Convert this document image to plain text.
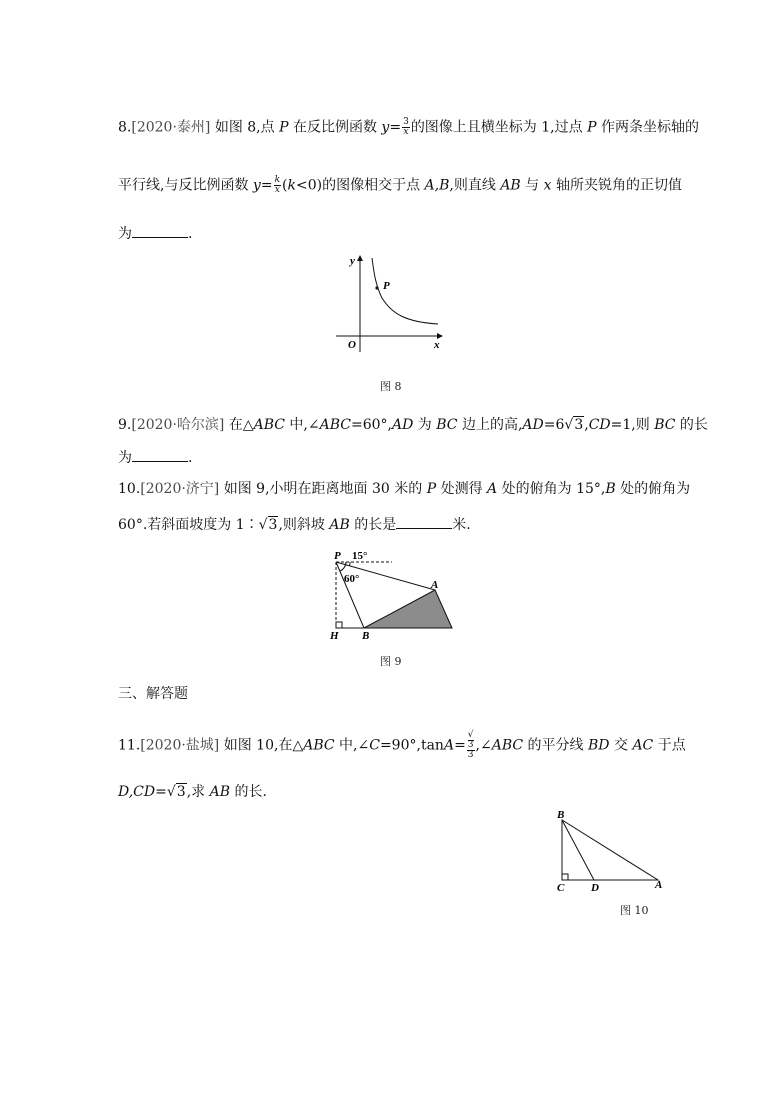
8.[2020·泰州] 如图 8,点 P 在反比例函数 $y= \frac{3}{x}$ 的图像上且横坐标为 1,过点 P 作两条坐标轴的
平行线,与反比例函数 $y= \frac{k}{x} (k<0)$的图像相交于点 A,B,则直线 AB 与 x 轴所夹锐角的正切值
为	.
y
P
O	x
图 8
9.[2020·哈尔滨] 在△ABC 中,∠ABC=60°,AD 为 BC 边上的高,AD=6√3,CD=1,则 BC 的长
为	.
10.[2020·济宁] 如图 9,小明在距离地面 30 米的 P 处测得 A 处的俯角为 15°,B 处的俯角为
60°.若斜面坡度为 1∶√3,则斜坡 AB 的长是	米.
P 15°
60°	A
H B
图 9
三、解答题
11.[2020·盐城] 如图 10,在△ABC 中,∠C=90°,tanA= √
3
3 ,∠ABC 的平分线 BD 交 AC 于点
D,CD=√3,求 AB 的长.
B
C D	A
图 10
